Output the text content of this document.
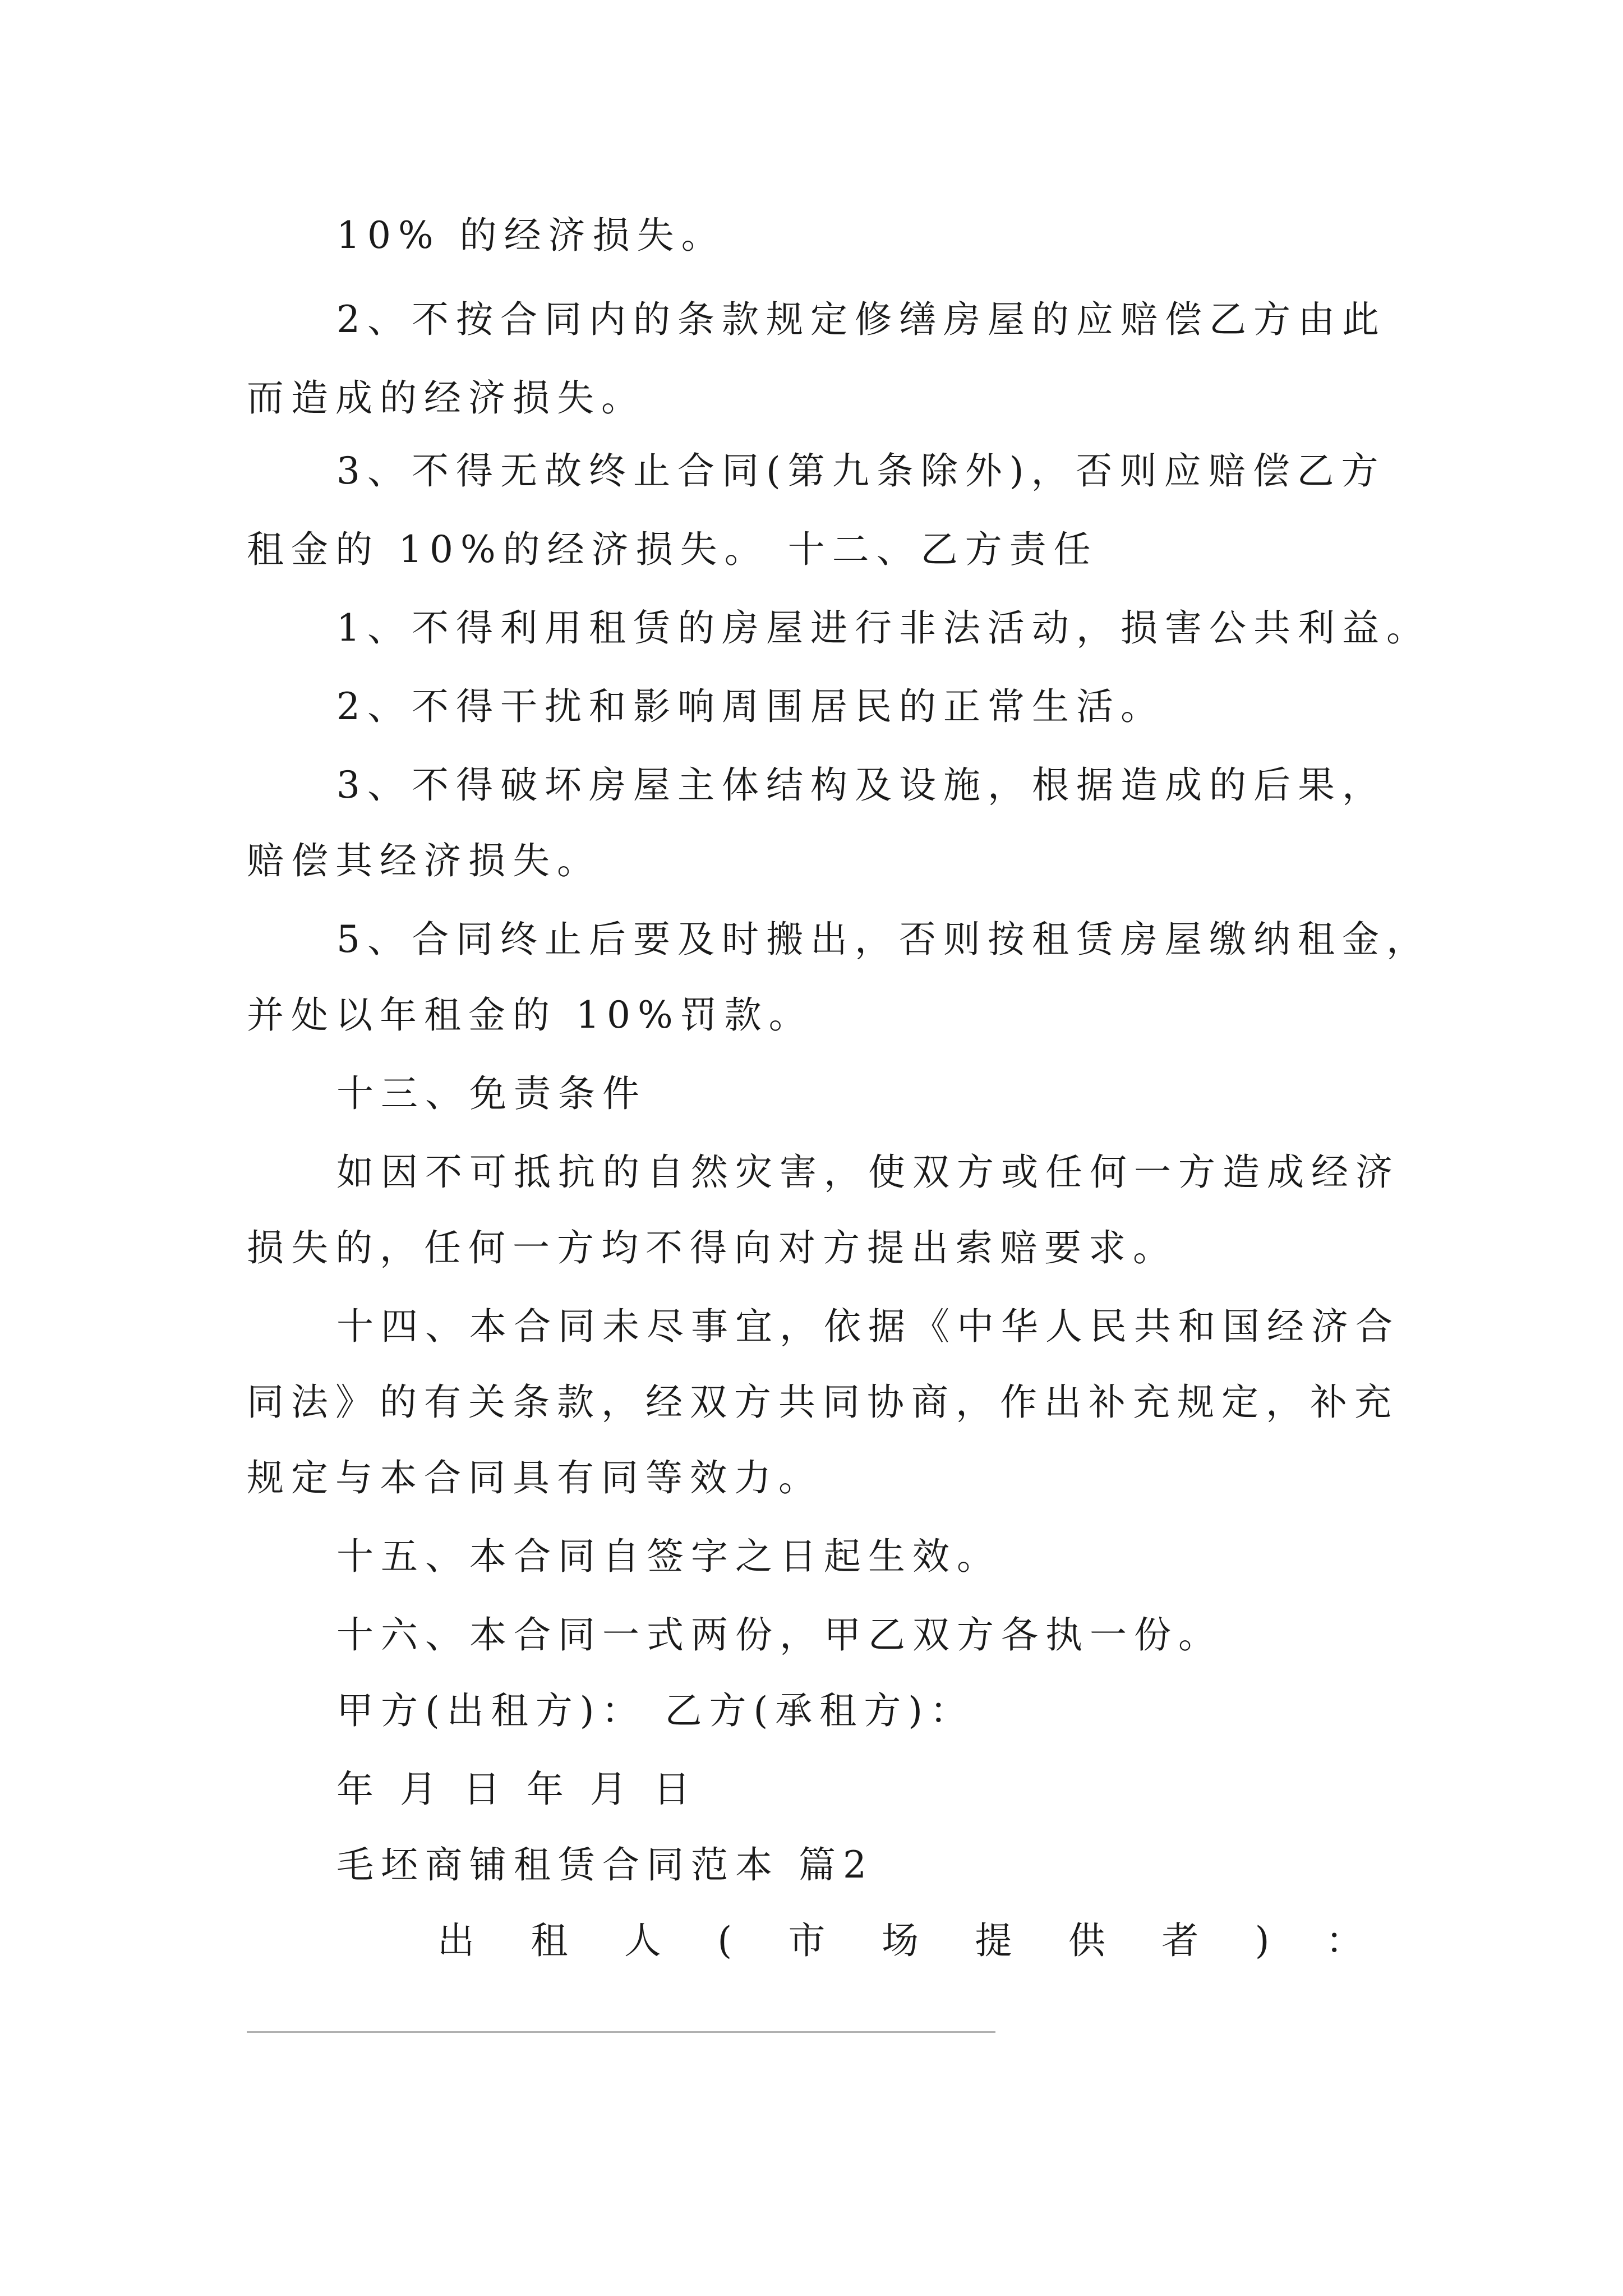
10% 的经济损失。

2、不按合同内的条款规定修缮房屋的应赔偿乙方由此

而造成的经济损失。

3、不得无故终止合同(第九条除外)，否则应赔偿乙方

租金的 10%的经济损失。 十二、乙方责任

1、不得利用租赁的房屋进行非法活动，损害公共利益。

2、不得干扰和影响周围居民的正常生活。

3、不得破坏房屋主体结构及设施，根据造成的后果，

赔偿其经济损失。

5、合同终止后要及时搬出，否则按租赁房屋缴纳租金，

并处以年租金的 10%罚款。

十三、免责条件

如因不可抵抗的自然灾害，使双方或任何一方造成经济

损失的，任何一方均不得向对方提出索赔要求。

十四、本合同未尽事宜，依据《中华人民共和国经济合

同法》的有关条款，经双方共同协商，作出补充规定，补充

规定与本合同具有同等效力。

十五、本合同自签字之日起生效。

十六、本合同一式两份，甲乙双方各执一份。

甲方(出租方)： 乙方(承租方)：

年 月 日 年 月 日

毛坯商铺租赁合同范本 篇2

出 租 人 ( 市 场 提 供 者 ) ：
